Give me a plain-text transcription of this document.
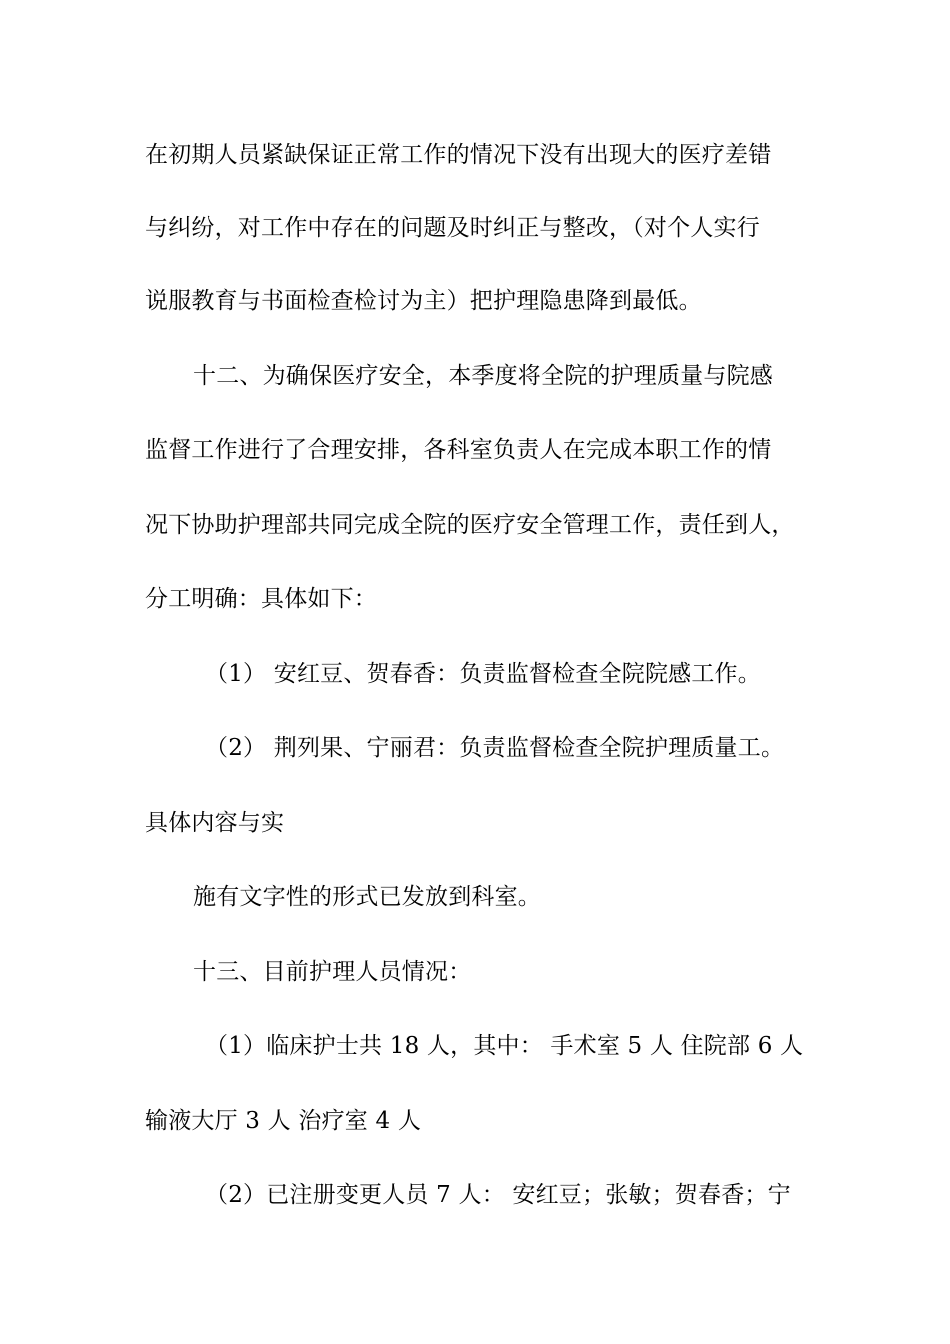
在初期人员紧缺保证正常工作的情况下没有出现大的医疗差错
与纠纷，对工作中存在的问题及时纠正与整改，（对个人实行
说服教育与书面检查检讨为主）把护理隐患降到最低。
十二、为确保医疗安全，本季度将全院的护理质量与院感
监督工作进行了合理安排，各科室负责人在完成本职工作的情
况下协助护理部共同完成全院的医疗安全管理工作，责任到人，
分工明确：具体如下：
（1） 安红豆、贺春香：负责监督检查全院院感工作。
（2） 荆列果、宁丽君：负责监督检查全院护理质量工。
具体内容与实
施有文字性的形式已发放到科室。
十三、目前护理人员情况：
（1）临床护士共 18 人，其中： 手术室 5 人 住院部 6 人
输液大厅 3 人 治疗室 4 人
（2）已注册变更人员 7 人： 安红豆；张敏；贺春香；宁
